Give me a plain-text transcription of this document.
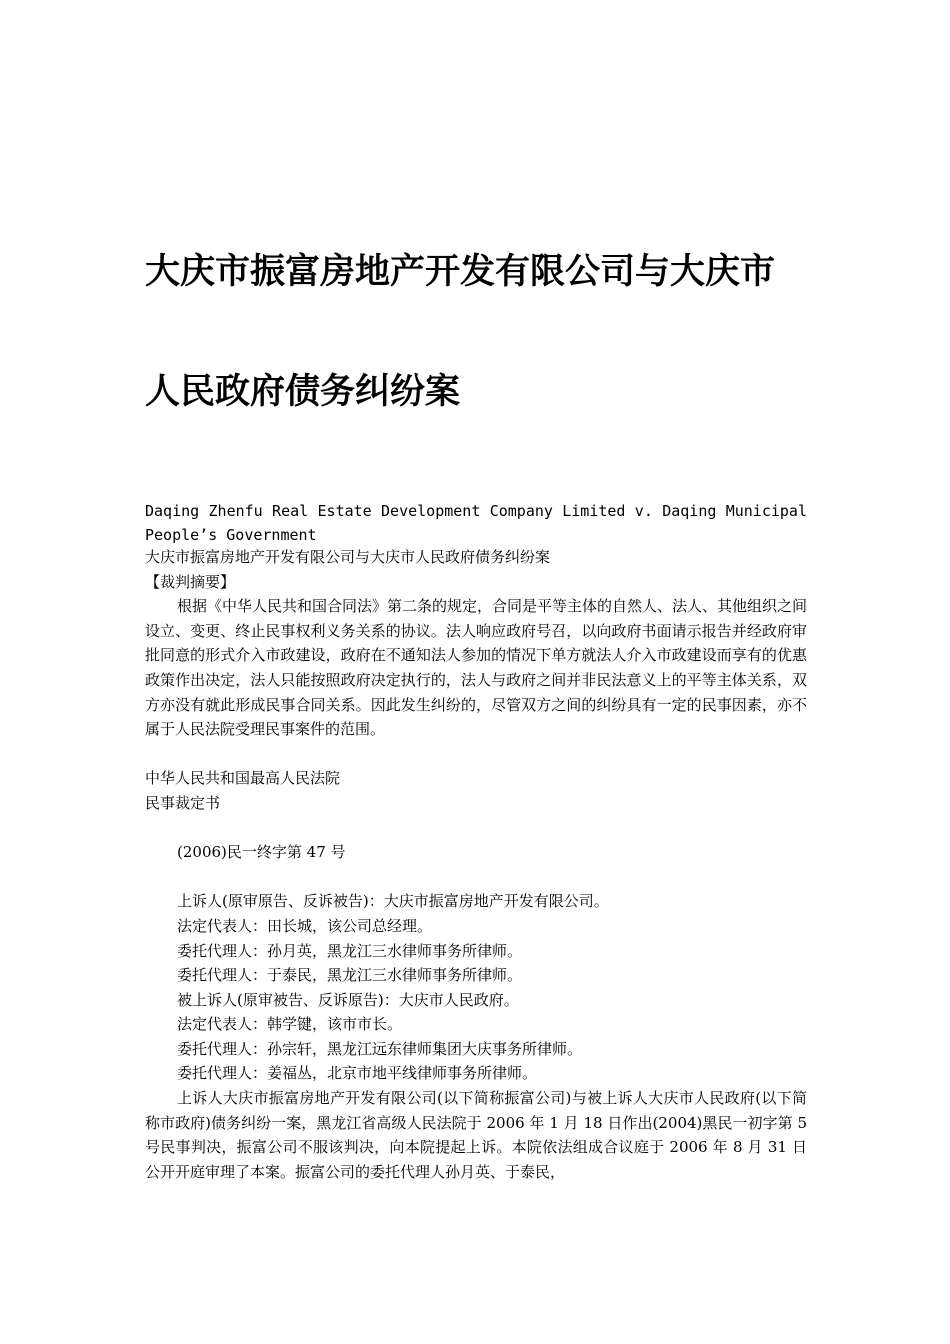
大庆市振富房地产开发有限公司与大庆市
人民政府债务纠纷案

Daqing Zhenfu Real Estate Development Company Limited v. Daqing Municipal People’s Government

大庆市振富房地产开发有限公司与大庆市人民政府债务纠纷案

【裁判摘要】

根据《中华人民共和国合同法》第二条的规定，合同是平等主体的自然人、法人、其他组织之间设立、变更、终止民事权利义务关系的协议。法人响应政府号召，以向政府书面请示报告并经政府审批同意的形式介入市政建设，政府在不通知法人参加的情况下单方就法人介入市政建设而享有的优惠政策作出决定，法人只能按照政府决定执行的，法人与政府之间并非民法意义上的平等主体关系，双方亦没有就此形成民事合同关系。因此发生纠纷的，尽管双方之间的纠纷具有一定的民事因素，亦不属于人民法院受理民事案件的范围。

中华人民共和国最高人民法院

民事裁定书

(2006)民一终字第 47 号

上诉人(原审原告、反诉被告)：大庆市振富房地产开发有限公司。

法定代表人：田长城，该公司总经理。

委托代理人：孙月英，黑龙江三水律师事务所律师。

委托代理人：于泰民，黑龙江三水律师事务所律师。

被上诉人(原审被告、反诉原告)：大庆市人民政府。

法定代表人：韩学键，该市市长。

委托代理人：孙宗轩，黑龙江远东律师集团大庆事务所律师。

委托代理人：姜福丛，北京市地平线律师事务所律师。

上诉人大庆市振富房地产开发有限公司(以下简称振富公司)与被上诉人大庆市人民政府(以下简称市政府)债务纠纷一案，黑龙江省高级人民法院于 2006 年 1 月 18 日作出(2004)黑民一初字第 5 号民事判决，振富公司不服该判决，向本院提起上诉。本院依法组成合议庭于 2006 年 8 月 31 日公开开庭审理了本案。振富公司的委托代理人孙月英、于泰民，
